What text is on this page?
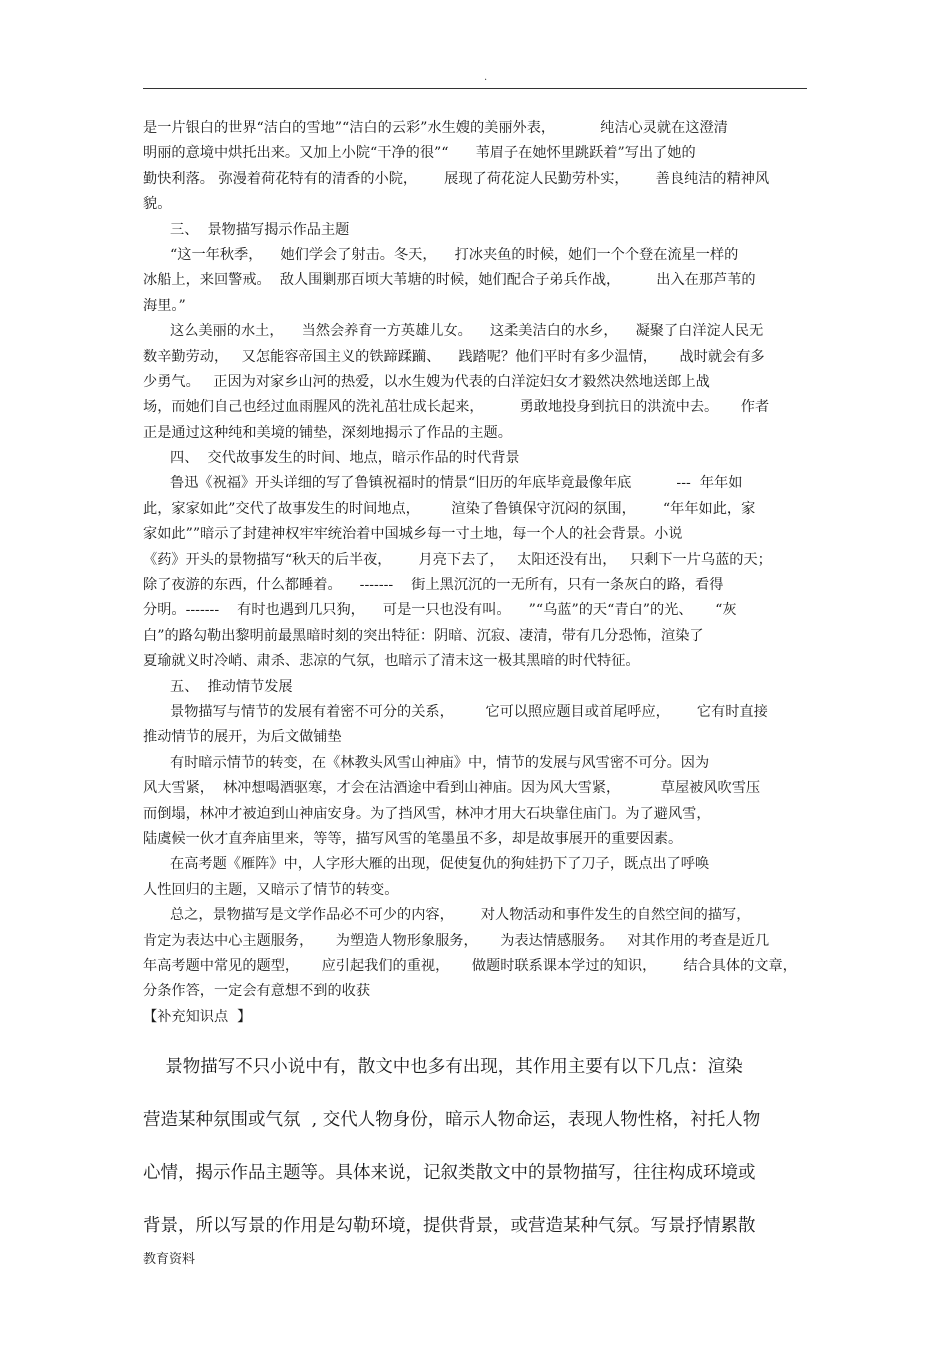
.
是一片银白的世界“洁白的雪地”“洁白的云彩”水生嫂的美丽外表，          纯洁心灵就在这澄清
明丽的意境中烘托出来。又加上小院“干净的很”“      苇眉子在她怀里跳跃着”写出了她的
勤快利落。 弥漫着荷花特有的清香的小院，      展现了荷花淀人民勤劳朴实，      善良纯洁的精神风
貌。
三、  景物描写揭示作品主题
“这一年秋季，    她们学会了射击。冬天，    打冰夹鱼的时候，她们一个个登在流星一样的
冰船上，来回警戒。  敌人围剿那百顷大苇塘的时候，她们配合子弟兵作战，        出入在那芦苇的
海里。”
这么美丽的水土，    当然会养育一方英雄儿女。    这柔美洁白的水乡，    凝聚了白洋淀人民无
数辛勤劳动，   又怎能容帝国主义的铁蹄蹂躏、    践踏呢？他们平时有多少温情，     战时就会有多
少勇气。   正因为对家乡山河的热爱，以水生嫂为代表的白洋淀妇女才毅然决然地送郎上战
场，而她们自己也经过血雨腥风的洗礼茁壮成长起来，        勇敢地投身到抗日的洪流中去。     作者
正是通过这种纯和美境的铺垫，深刻地揭示了作品的主题。
四、  交代故事发生的时间、地点，暗示作品的时代背景
鲁迅《祝福》开头详细的写了鲁镇祝福时的情景“旧历的年底毕竟最像年底          ---  年年如
此，家家如此”交代了故事发生的时间地点，       渲染了鲁镇保守沉闷的氛围，      “年年如此，家
家如此””暗示了封建神权牢牢统治着中国城乡每一寸土地，每一个人的社会背景。小说
《药》开头的景物描写“秋天的后半夜，      月亮下去了，   太阳还没有出，   只剩下一片乌蓝的天；
除了夜游的东西，什么都睡着。    -------    街上黑沉沉的一无所有，只有一条灰白的路，看得
分明。-------    有时也遇到几只狗，    可是一只也没有叫。    ”“乌蓝”的天“青白”的光、     “灰
白”的路勾勒出黎明前最黑暗时刻的突出特征：阴暗、沉寂、凄清，带有几分恐怖，渲染了
夏瑜就义时冷峭、肃杀、悲凉的气氛，也暗示了清末这一极其黑暗的时代特征。
五、  推动情节发展
景物描写与情节的发展有着密不可分的关系，       它可以照应题目或首尾呼应，      它有时直接
推动情节的展开，为后文做铺垫
有时暗示情节的转变，在《林教头风雪山神庙》中，情节的发展与风雪密不可分。因为
风大雪紧，  林冲想喝酒驱寒，才会在沽酒途中看到山神庙。因为风大雪紧，         草屋被风吹雪压
而倒塌，林冲才被迫到山神庙安身。为了挡风雪，林冲才用大石块靠住庙门。为了避风雪，
陆虞候一伙才直奔庙里来，等等，描写风雪的笔墨虽不多，却是故事展开的重要因素。
在高考题《雁阵》中，人字形大雁的出现，促使复仇的狗娃扔下了刀子，既点出了呼唤
人性回归的主题，又暗示了情节的转变。
总之，景物描写是文学作品必不可少的内容，      对人物活动和事件发生的自然空间的描写，
肯定为表达中心主题服务，     为塑造人物形象服务，     为表达情感服务。   对其作用的考查是近几
年高考题中常见的题型，     应引起我们的重视，     做题时联系课本学过的知识，      结合具体的文章，
分条作答，一定会有意想不到的收获
【补充知识点  】
景物描写不只小说中有，散文中也多有出现，其作用主要有以下几点：渲染
营造某种氛围或气氛  , 交代人物身份，暗示人物命运，表现人物性格，衬托人物
心情，揭示作品主题等。具体来说，记叙类散文中的景物描写，往往构成环境或
背景，所以写景的作用是勾勒环境，提供背景，或营造某种气氛。写景抒情累散
教育资料
